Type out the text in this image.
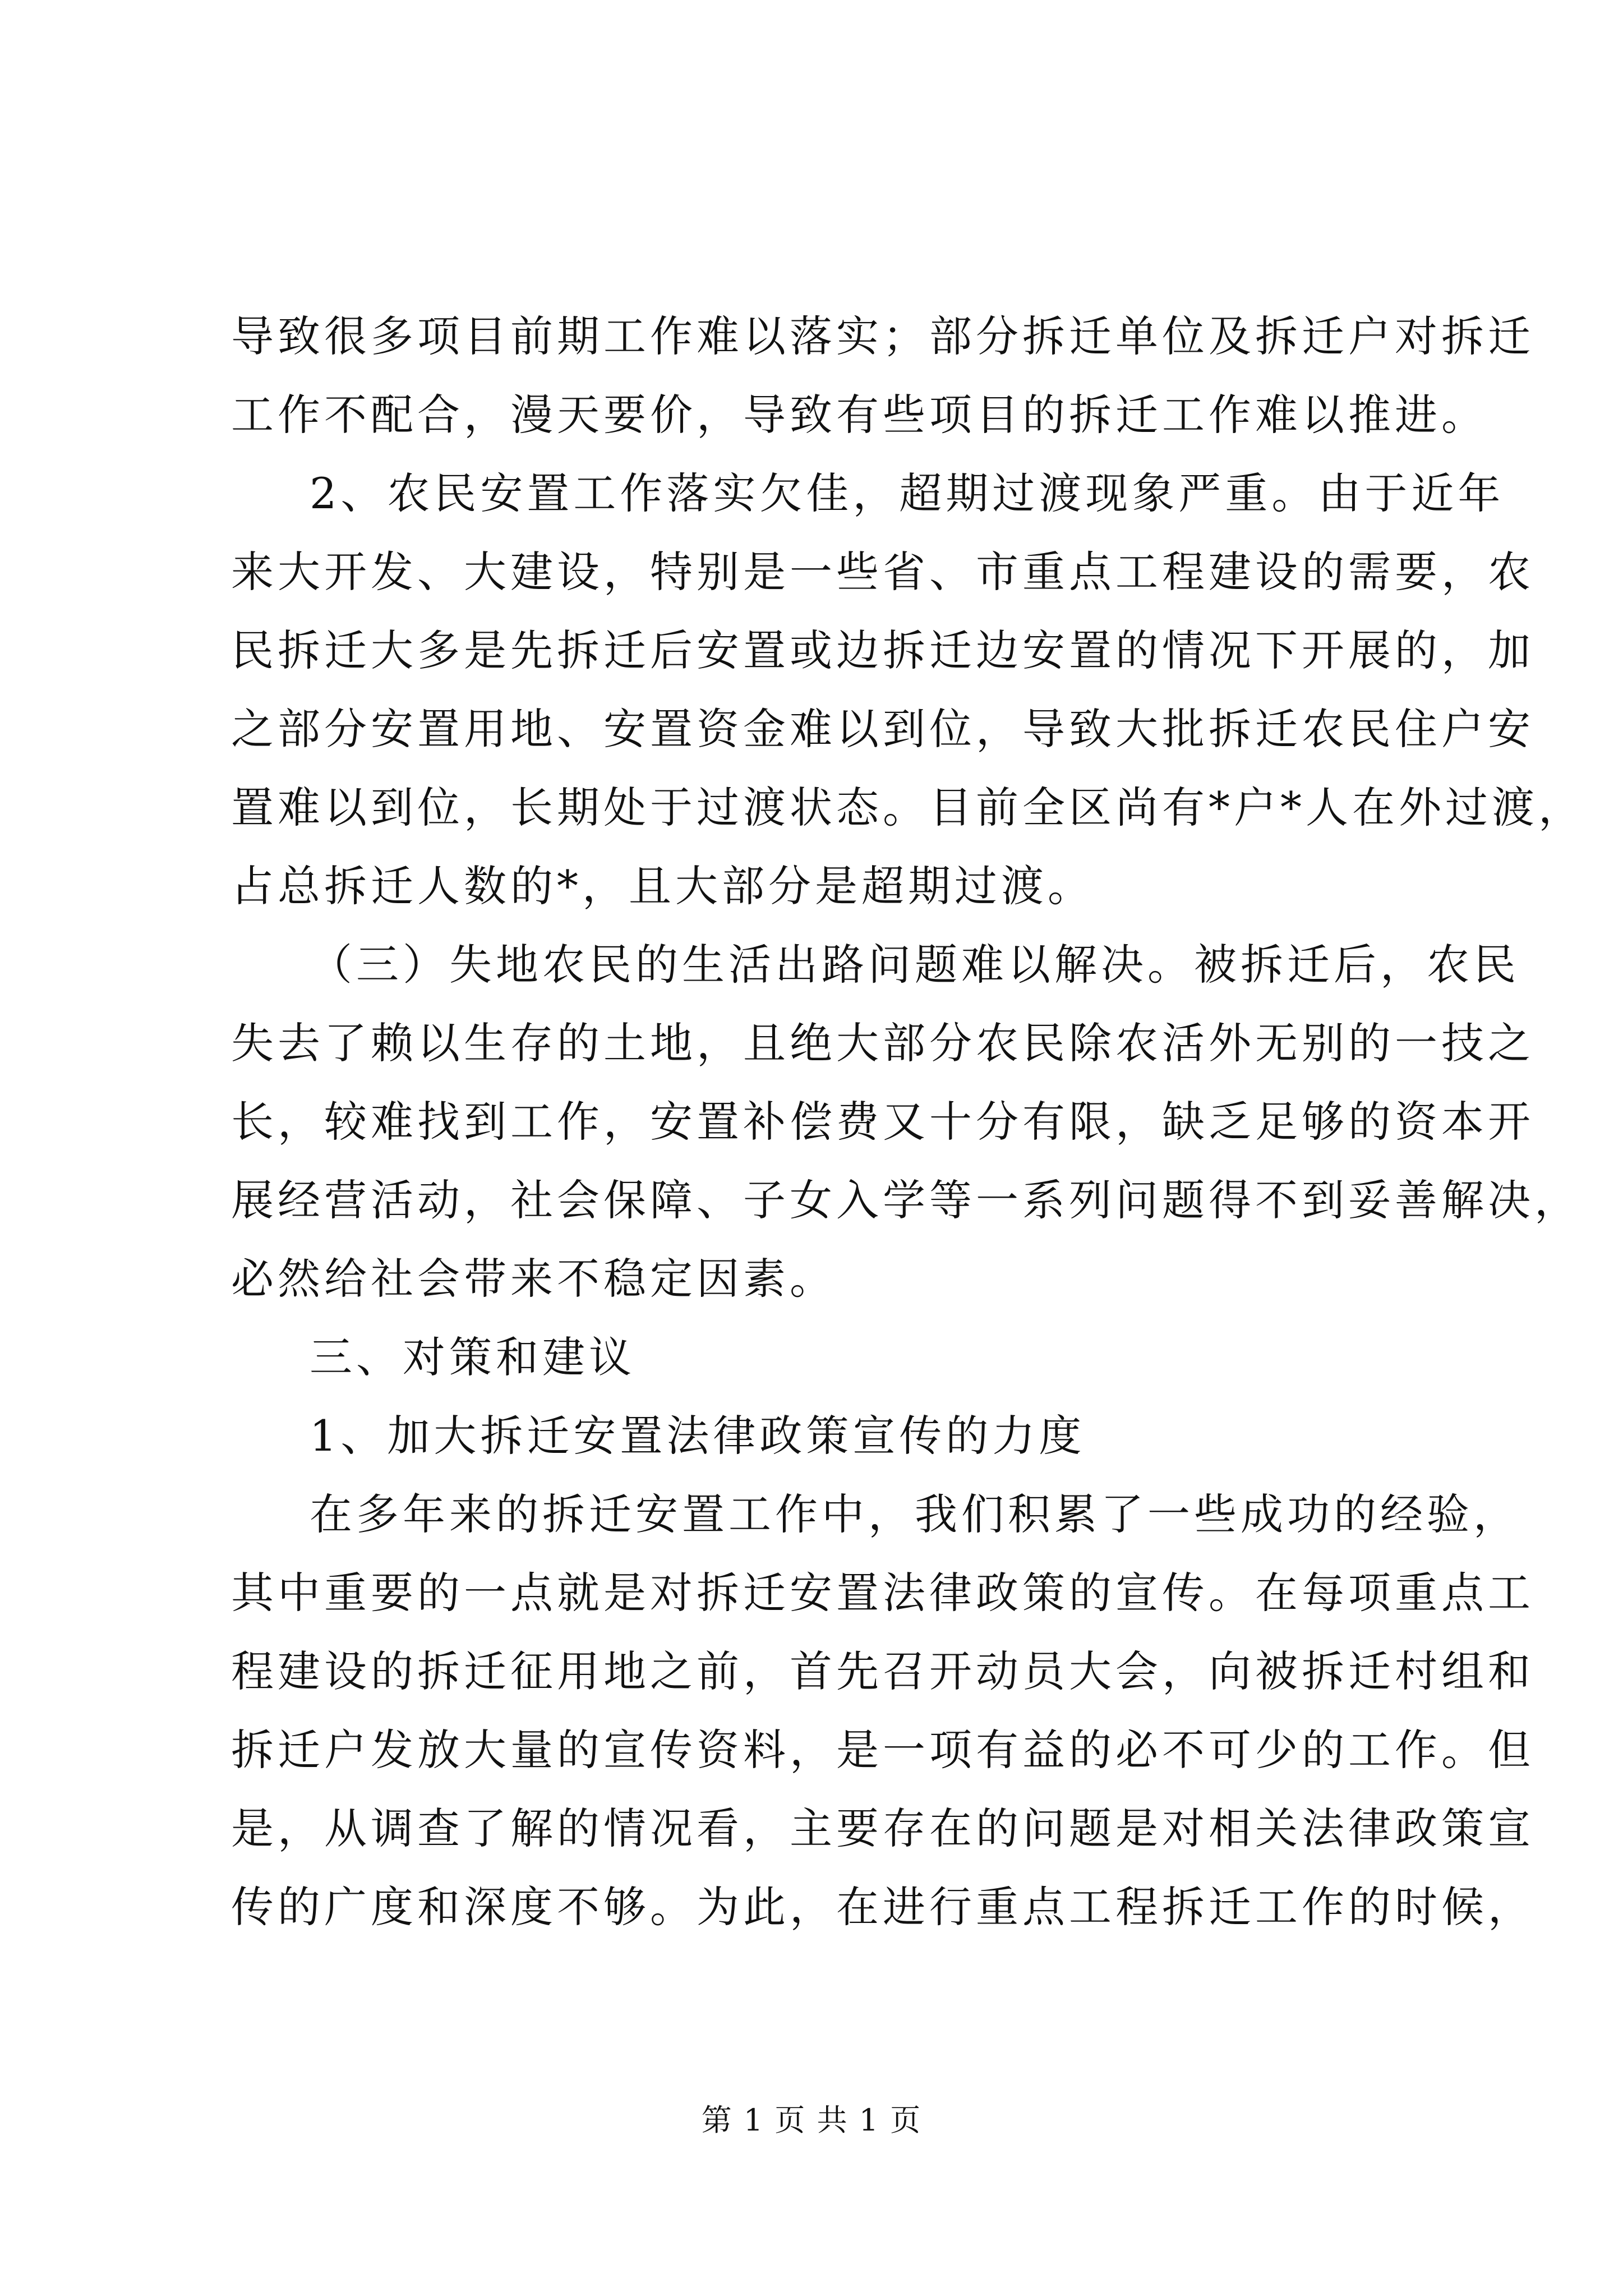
导致很多项目前期工作难以落实；部分拆迁单位及拆迁户对拆迁
工作不配合，漫天要价，导致有些项目的拆迁工作难以推进。
2、农民安置工作落实欠佳，超期过渡现象严重。由于近年
来大开发、大建设，特别是一些省、市重点工程建设的需要，农
民拆迁大多是先拆迁后安置或边拆迁边安置的情况下开展的，加
之部分安置用地、安置资金难以到位，导致大批拆迁农民住户安
置难以到位，长期处于过渡状态。目前全区尚有*户*人在外过渡，
占总拆迁人数的*，且大部分是超期过渡。
（三）失地农民的生活出路问题难以解决。被拆迁后，农民
失去了赖以生存的土地，且绝大部分农民除农活外无别的一技之
长，较难找到工作，安置补偿费又十分有限，缺乏足够的资本开
展经营活动，社会保障、子女入学等一系列问题得不到妥善解决，
必然给社会带来不稳定因素。
三、对策和建议
1、加大拆迁安置法律政策宣传的力度
在多年来的拆迁安置工作中，我们积累了一些成功的经验，
其中重要的一点就是对拆迁安置法律政策的宣传。在每项重点工
程建设的拆迁征用地之前，首先召开动员大会，向被拆迁村组和
拆迁户发放大量的宣传资料，是一项有益的必不可少的工作。但
是，从调查了解的情况看，主要存在的问题是对相关法律政策宣
传的广度和深度不够。为此，在进行重点工程拆迁工作的时候，
第 1 页 共 1 页
